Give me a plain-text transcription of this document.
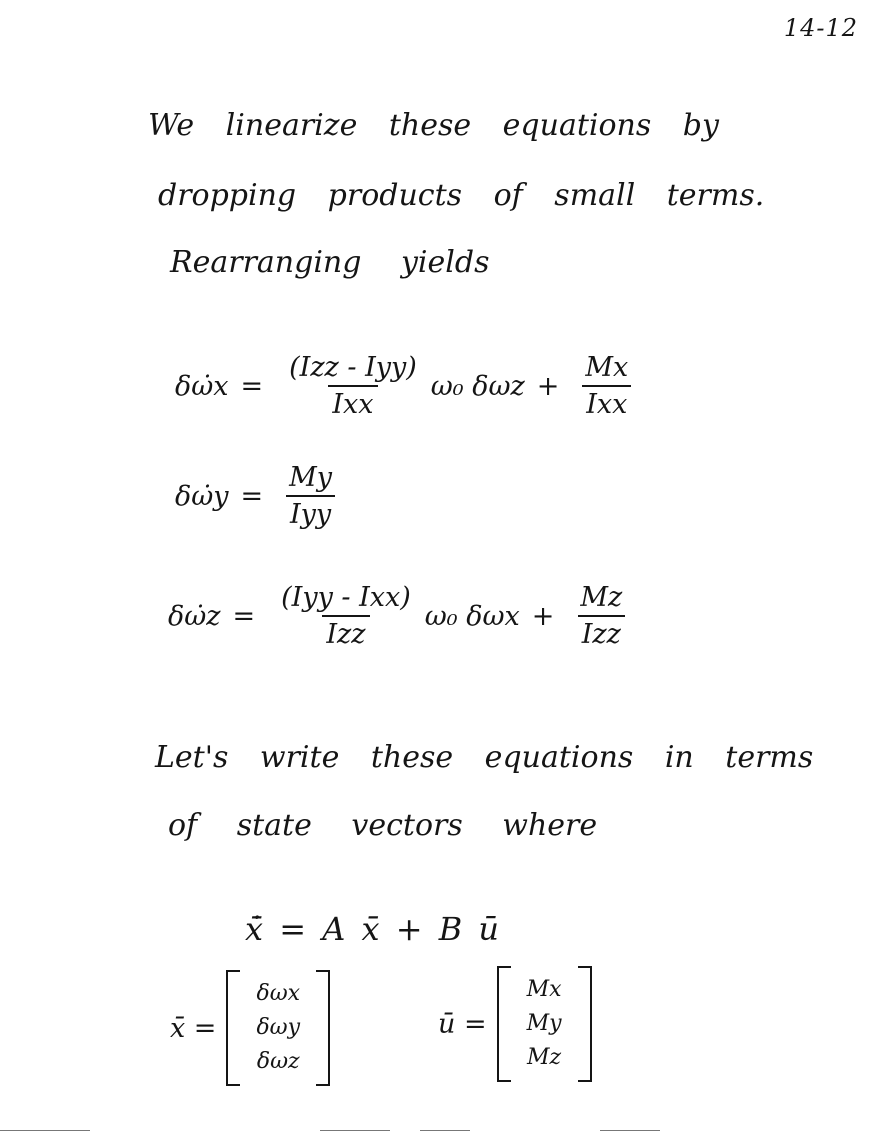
14-12
We linearize these equations by
dropping products of small terms.
Rearranging yields
δω̇x = $\frac{\text{(Izz - Iyy)}}{\text{Ixx}} \omega_0$ $\delta\omega z + \frac{Mx}{\text{Ixx}}$
δω̇y = $\frac{My}{\text{Iyy}}$
δω̇z = $\frac{\text{(Iyy - Ixx)}}{\text{Izz}} \omega_0$ $\delta\omega x + \frac{Mz}{\text{Izz}}$
Let's write these equations in terms
of state vectors where
x̄̇ = A x̄ + B ū
x̄ =
δωx
δωy
δωz
ū =
Mx
My
Mz
